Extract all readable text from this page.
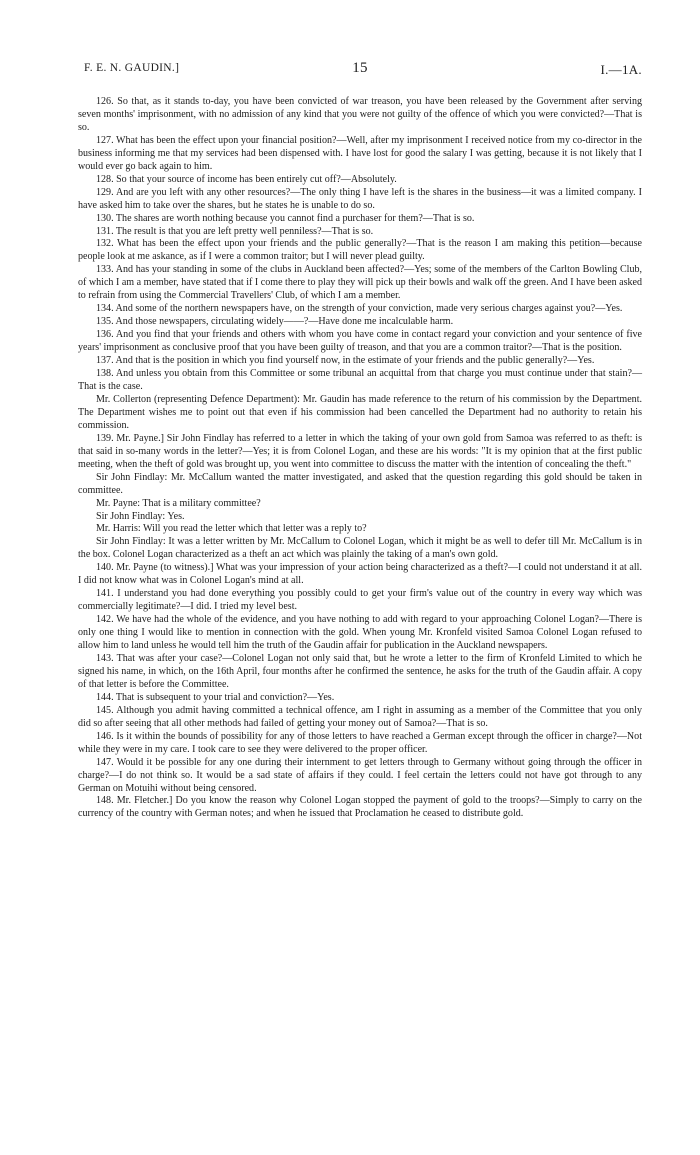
F. E. N. GAUDIN.]	15	I.—1A.

126. So that, as it stands to-day, you have been convicted of war treason, you have been released by the Government after serving seven months' imprisonment, with no admission of any kind that you were not guilty of the offence of which you were convicted?—That is so.

127. What has been the effect upon your financial position?—Well, after my imprisonment I received notice from my co-director in the business informing me that my services had been dispensed with. I have lost for good the salary I was getting, because it is not likely that I would ever go back again to him.

128. So that your source of income has been entirely cut off?—Absolutely.

129. And are you left with any other resources?—The only thing I have left is the shares in the business—it was a limited company. I have asked him to take over the shares, but he states he is unable to do so.

130. The shares are worth nothing because you cannot find a purchaser for them?—That is so.

131. The result is that you are left pretty well penniless?—That is so.

132. What has been the effect upon your friends and the public generally?—That is the reason I am making this petition—because people look at me askance, as if I were a common traitor; but I will never plead guilty.

133. And has your standing in some of the clubs in Auckland been affected?—Yes; some of the members of the Carlton Bowling Club, of which I am a member, have stated that if I come there to play they will pick up their bowls and walk off the green. And I have been asked to refrain from using the Commercial Travellers' Club, of which I am a member.

134. And some of the northern newspapers have, on the strength of your conviction, made very serious charges against you?—Yes.

135. And those newspapers, circulating widely——?—Have done me incalculable harm.

136. And you find that your friends and others with whom you have come in contact regard your conviction and your sentence of five years' imprisonment as conclusive proof that you have been guilty of treason, and that you are a common traitor?—That is the position.

137. And that is the position in which you find yourself now, in the estimate of your friends and the public generally?—Yes.

138. And unless you obtain from this Committee or some tribunal an acquittal from that charge you must continue under that stain?—That is the case.

Mr. Collerton (representing Defence Department): Mr. Gaudin has made reference to the return of his commission by the Department. The Department wishes me to point out that even if his commission had been cancelled the Department had no authority to retain his commission.

139. Mr. Payne.] Sir John Findlay has referred to a letter in which the taking of your own gold from Samoa was referred to as theft: is that said in so-many words in the letter?—Yes; it is from Colonel Logan, and these are his words: "It is my opinion that at the first public meeting, when the theft of gold was brought up, you went into committee to discuss the matter with the intention of concealing the theft."

Sir John Findlay: Mr. McCallum wanted the matter investigated, and asked that the question regarding this gold should be taken in committee.

Mr. Payne: That is a military committee?

Sir John Findlay: Yes.

Mr. Harris: Will you read the letter which that letter was a reply to?

Sir John Findlay: It was a letter written by Mr. McCallum to Colonel Logan, which it might be as well to defer till Mr. McCallum is in the box. Colonel Logan characterized as a theft an act which was plainly the taking of a man's own gold.

140. Mr. Payne (to witness).] What was your impression of your action being characterized as a theft?—I could not understand it at all. I did not know what was in Colonel Logan's mind at all.

141. I understand you had done everything you possibly could to get your firm's value out of the country in every way which was commercially legitimate?—I did. I tried my level best.

142. We have had the whole of the evidence, and you have nothing to add with regard to your approaching Colonel Logan?—There is only one thing I would like to mention in connection with the gold. When young Mr. Kronfeld visited Samoa Colonel Logan refused to allow him to land unless he would tell him the truth of the Gaudin affair for publication in the Auckland newspapers.

143. That was after your case?—Colonel Logan not only said that, but he wrote a letter to the firm of Kronfeld Limited to which he signed his name, in which, on the 16th April, four months after he confirmed the sentence, he asks for the truth of the Gaudin affair. A copy of that letter is before the Committee.

144. That is subsequent to your trial and conviction?—Yes.

145. Although you admit having committed a technical offence, am I right in assuming as a member of the Committee that you only did so after seeing that all other methods had failed of getting your money out of Samoa?—That is so.

146. Is it within the bounds of possibility for any of those letters to have reached a German except through the officer in charge?—Not while they were in my care. I took care to see they were delivered to the proper officer.

147. Would it be possible for any one during their internment to get letters through to Germany without going through the officer in charge?—I do not think so. It would be a sad state of affairs if they could. I feel certain the letters could not have got through to any German on Motuihi without being censored.

148. Mr. Fletcher.] Do you know the reason why Colonel Logan stopped the payment of gold to the troops?—Simply to carry on the currency of the country with German notes; and when he issued that Proclamation he ceased to distribute gold.
